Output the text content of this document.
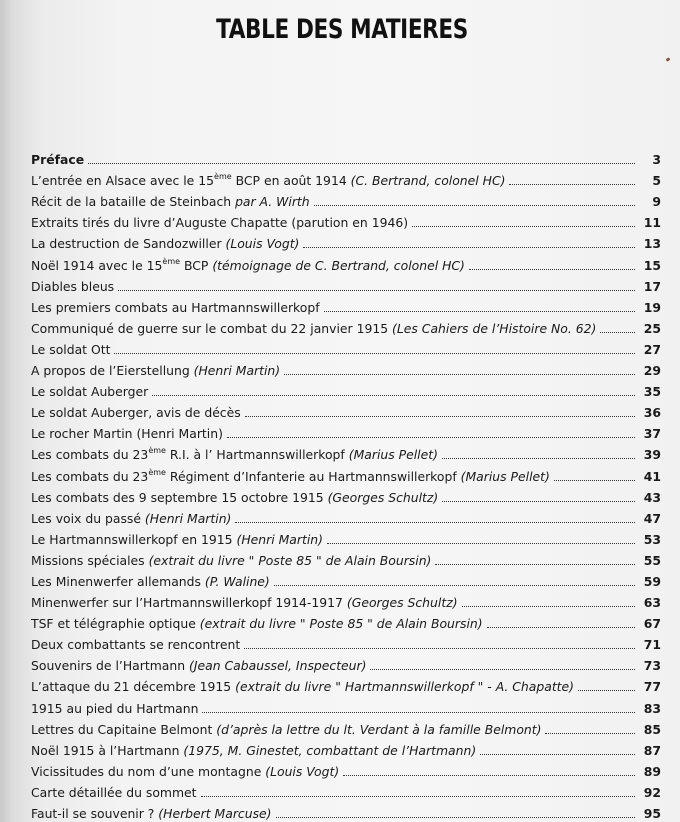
TABLE DES MATIERES
Préface	3
L’entrée en Alsace avec le 15ème BCP en août 1914 (C. Bertrand, colonel HC)	5
Récit de la bataille de Steinbach par A. Wirth	9
Extraits tirés du livre d’Auguste Chapatte (parution en 1946)	11
La destruction de Sandozwiller (Louis Vogt)	13
Noël 1914 avec le 15ème BCP (témoignage de C. Bertrand, colonel HC)	15
Diables bleus	17
Les premiers combats au Hartmannswillerkopf	19
Communiqué de guerre sur le combat du 22 janvier 1915 (Les Cahiers de l’Histoire No. 62)	25
Le soldat Ott	27
A propos de l’Eierstellung (Henri Martin)	29
Le soldat Auberger	35
Le soldat Auberger, avis de décès	36
Le rocher Martin (Henri Martin)	37
Les combats du 23ème R.I. à l’ Hartmannswillerkopf (Marius Pellet)	39
Les combats du 23ème Régiment d’Infanterie au Hartmannswillerkopf (Marius Pellet)	41
Les combats des 9 septembre 15 octobre 1915 (Georges Schultz)	43
Les voix du passé (Henri Martin)	47
Le Hartmannswillerkopf en 1915 (Henri Martin)	53
Missions spéciales (extrait du livre " Poste 85 " de Alain Boursin)	55
Les Minenwerfer allemands (P. Waline)	59
Minenwerfer sur l’Hartmannswillerkopf 1914-1917 (Georges Schultz)	63
TSF et télégraphie optique (extrait du livre " Poste 85 " de Alain Boursin)	67
Deux combattants se rencontrent	71
Souvenirs de l’Hartmann (Jean Cabaussel, Inspecteur)	73
L’attaque du 21 décembre 1915 (extrait du livre " Hartmannswillerkopf " - A. Chapatte)	77
1915 au pied du Hartmann	83
Lettres du Capitaine Belmont (d’après la lettre du lt. Verdant à la famille Belmont)	85
Noël 1915 à l’Hartmann (1975, M. Ginestet, combattant de l’Hartmann)	87
Vicissitudes du nom d’une montagne (Louis Vogt)	89
Carte détaillée du sommet	92
Faut-il se souvenir ? (Herbert Marcuse)	95
